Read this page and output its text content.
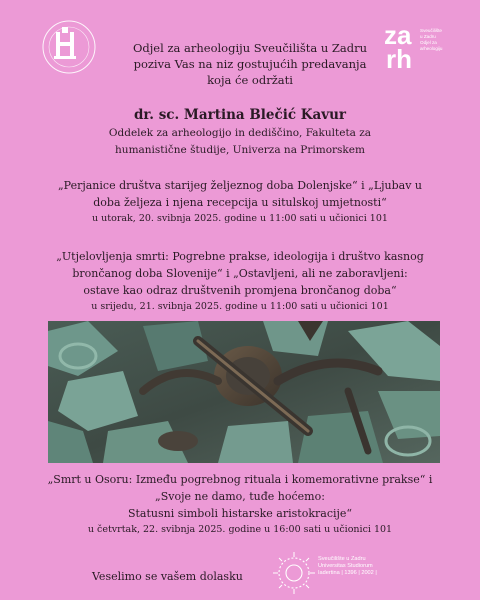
za
rh
Sveučilište
u Zadru
Odjel za
arheologiju
Odjel za arheologiju Sveučilišta u Zadru
poziva Vas na niz gostujućih predavanja
koja će održati
dr. sc. Martina Blečić Kavur
Oddelek za arheologijo in dediščino, Fakulteta za
humanistične študije, Univerza na Primorskem
„Perjanice društva starijeg željeznog doba Dolenjske“ i „Ljubav u
doba željeza i njena recepcija u situlskoj umjetnosti“
u utorak, 20. svibnja 2025. godine u 11:00 sati u učionici 101
„Utjelovljenja smrti: Pogrebne prakse, ideologija i društvo kasnog
brončanog doba Slovenije“ i „Ostavljeni, ali ne zaboravljeni:
ostave kao odraz društvenih promjena brončanog doba“
u srijedu, 21. svibnja 2025. godine u 11:00 sati u učionici 101
„Smrt u Osoru: Između pogrebnog rituala i komemorativne prakse“ i
„Svoje ne damo, tuđe hoćemo:
Statusni simboli histarske aristokracije“
u četvrtak, 22. svibnja 2025. godine u 16:00 sati u učionici 101
Veselimo se vašem dolasku
Sveučilište u Zadru
Universitas Studiorum
Iadertina | 1396 | 2002 |
